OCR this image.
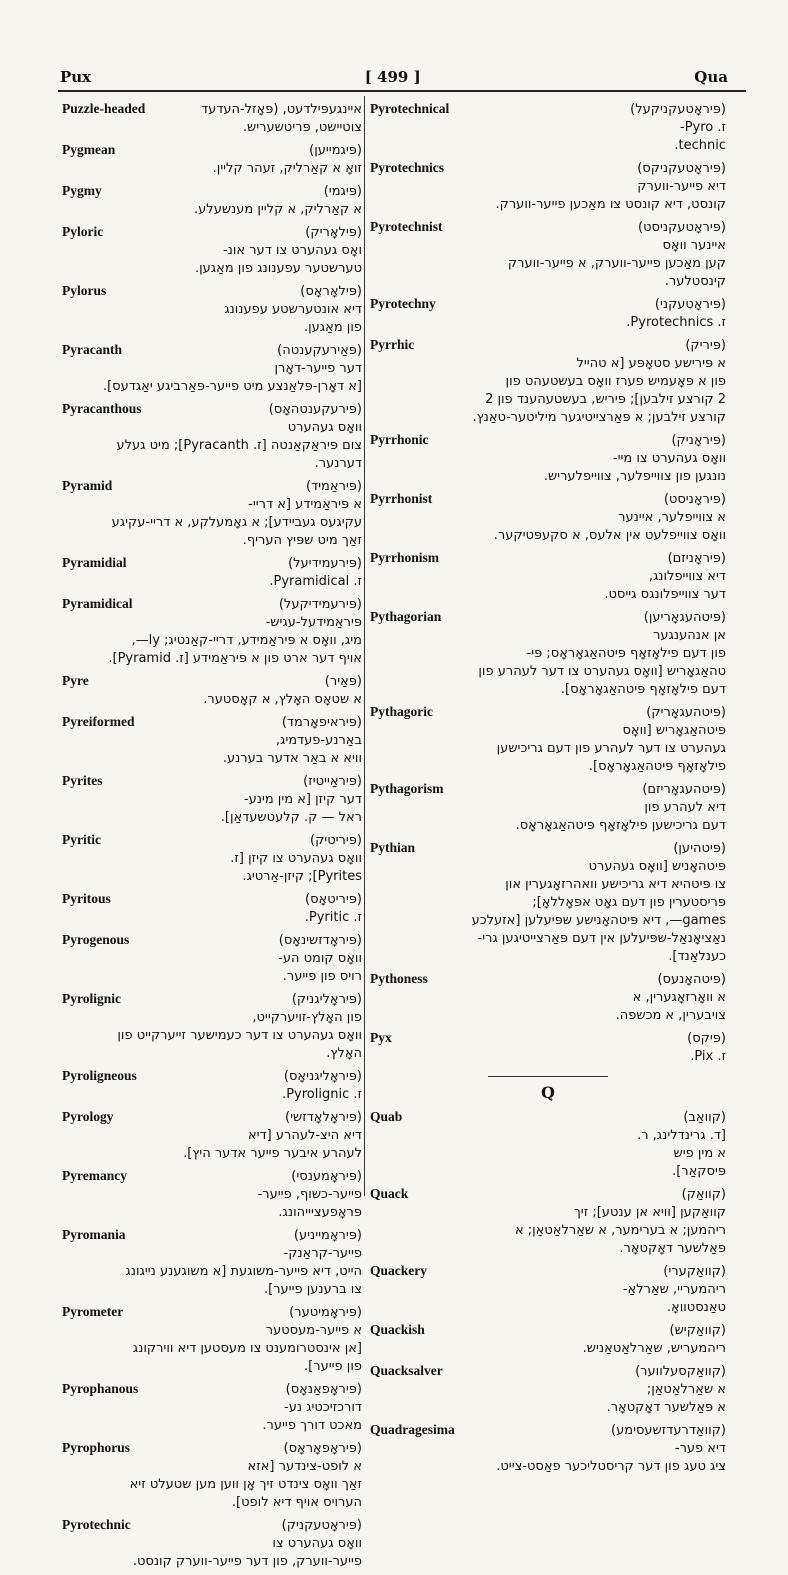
Pux	[ 499 ]	Qua
Puzzle-headed	איינגעפּילדעט, (פּאָזל-העדעד
צוטיישט, פּריטשעריש.
Pygmean	(פּיגמייען)
זואָ א קאַרליק, זעהר קליין.
Pygmy	(פּיגמי)
א קאַרליק, א קליין מענשעלע.
Pyloric	(פּילאָריק)
ואָס געהערט צו דער אונ-
טערשטער עפענונג פון מאַגען.
Pylorus	(פּילאָראָס)
דיא אונטערשטע עפענונג
פון מאַגען.
Pyracanth	(פּאַירעקענטה)
דער פייער-דאָרן
[א דאָרן-פּלאַנצע מיט פייער-פּאַרביגע יאַגדעס].
Pyracanthous	(פּירעקענטהאָס)
וואָס געהערט
צום פּיראַקאַנטה [ז. Pyracanth]; מיט געלע
דערנער.
Pyramid	(פּיראַמיד)
א פּיראַמידע [א דריי-
עקיגעס געביידע]; א גאָמעלקע, א דריי-עקיגע
זאַך מיט שפּיץ העריף.
Pyramidial	(פּירעמידיעל)
ז. Pyramidical.
Pyramidical	(פּירעמידיקעל)
פּיראַמידעל-עגיש-
מיג, וואָס א פּיראַמידע, דריי-קאַנטיג; ly—,
אויף דער ארט פון א פּיראַמידע [ז. Pyramid].
Pyre	(פּאַיר)
א שטאָס האָלץ, א קאָסטער.
Pyreiformed	(פּיראיפאָרמד)
באַרנע-פעדמיג,
וויא א באַר אדער בערנע.
Pyrites	(פּיראַייטיז)
דער קיזן [א מין מינע-
ראל — ק. קלעטשעדאַן].
Pyritic	(פּיריטיק)
וואָס געהערט צו קיזן [ז.
Pyrites]; קיזן-אַרטיג.
Pyritous	(פּיריטאָס)
ז. Pyritic.
Pyrogenous	(פּיראָדזשינאָס)
וואָס קומט הע-
רויס פון פייער.
Pyrolignic	(פּיראָליגניק)
פון האָלץ-זויערקייט,
וואָס געהערט צו דער כעמישער זייערקייט פון
האָלץ.
Pyroligneous	(פּיראָליגניאָס)
ז. Pyrolignic.
Pyrology	(פּיראָלאָדזשי)
דיא היצ-לעהרע [דיא
לעהרע איבער פייער אדער היץ].
Pyremancy	(פּיראָמענסי)
פייער-כשוף, פייער-
פּראָפעציייהונג.
Pyromania	(פּיראָמייניע)
פייער-קראַנק-
הייט, דיא פייער-משוגעת [א משוגענע נייגונג
צו ברענען פייער].
Pyrometer	(פּיראָמיטער)
א פייער-מעסטער
[אן אינסטרומענט צו מעסטען דיא ווירקונג
פון פייער].
Pyrophanous	(פּיראָפאַנאָס)
דורכזיכטיג נע-
מאכט דורך פייער.
Pyrophorus	(פּיראָפאָראָס)
א לופט-צינדער [אזא
זאַך וואָס צינדט זיך אָן ווען מען שטעלט זיא
הערויס אויף דיא לופט].
Pyrotechnic	(פּיראָטעקניק)
וואָס געהערט צו
פייער-ווערק, פון דער פייער-ווערק קונסט.
Pyrotechnical	(פּיראָטעקניקעל)
ז. Pyro-
technic.
Pyrotechnics	(פּיראָטעקניקס)
דיא פייער-ווערק
קונסט, דיא קונסט צו מאַכען פייער-ווערק.
Pyrotechnist	(פּיראָטעקניסט)
איינער וואָס
קען מאַכען פייער-ווערק, א פייער-ווערק
קינסטלער.
Pyrotechny	(פּיראָטעקני)
ז. Pyrotechnics.
Pyrrhic	(פּיריק)
א פּירישע סטאָפּע [א טהייל
פון א פּאָעמיש פערז וואָס בעשטעהט פון
2 קורצע זילבען]; פּיריש, בעשטעהענד פון 2
קורצע זילבען; א פּאַרצייטיגער מיליטער-טאַנץ.
Pyrrhonic	(פּיראָניק)
וואָס געהערט צו מיי-
נונגען פון צווייפלער, צווייפלעריש.
Pyrrhonist	(פּיראָניסט)
א צווייפלער, איינער
וואָס צווייפלעט אין אלעס, א סקעפּטיקער.
Pyrrhonism	(פּיראָניזם)
דיא צווייפלונג,
דער צווייפלונגס גייסט.
Pythagorian	(פּיטהעגאָריען)
אן אנהענגער
פון דעם פילאָזאָף פּיטהאַגאָראָס; פּי-
טהאַגאָריש [וואָס געהערט צו דער לעהרע פון
דעם פילאָזאָף פּיטהאַגאָראָס].
Pythagoric	(פּיטהעגאָריק)
פּיטהאַגאָריש [וואָס
געהערט צו דער לעהרע פון דעם גריכישען
פילאָזאָף פּיטהאַגאָראָס].
Pythagorism	(פּיטהעגאָריזם)
דיא לעהרע פון
דעם גריכישען פילאָזאָף פּיטהאַגאָראָס.
Pythian	(פּיטהיען)
פּיטהאָניש [וואָס געהערט
צו פּיטהיא דיא גריכישע וואהרזאָגערין און
פּריסטערין פון דעם גאָט אפּאָללאָ];
games—, דיא פּיטהאָנישע שפּיעלען [אזעלכע
נאַציאָנאַל-שפּיעלען אין דעם פּאַרצייטיגען גרי-
כענלאַנד].
Pythoness	(פּיטהאָנעס)
א וואָרזאָגערין, א
צויבערין, א מכשפה.
Pyx	(פּיקס)
ז. Pix.
Q
Quab	(קוואַב)
[ד. גרינדלינג, ר.
א מין פיש
פּיסקאַר].
Quack	(קוואַק)
קוואַקען [וויא אן ענטע]; זיך
ריהמען; א בערימער, א שאַרלאַטאַן; א
פּאַלשער דאָקטאָר.
Quackery	(קוואַקערי)
ריהמעריי, שאַרלאַ-
טאַנסטוואָ.
Quackish	(קוואַקיש)
ריהמעריש, שאַרלאַטאַניש.
Quacksalver	(קוואַקסעלווער)
א שאַרלאַטאַן;
א פּאַלשער דאָקטאָר.
Quadragesima	(קוואַדרעדזשעסימע)
דיא פער-
ציג טעג פון דער קריסטליכער פאַסט-צייט.
